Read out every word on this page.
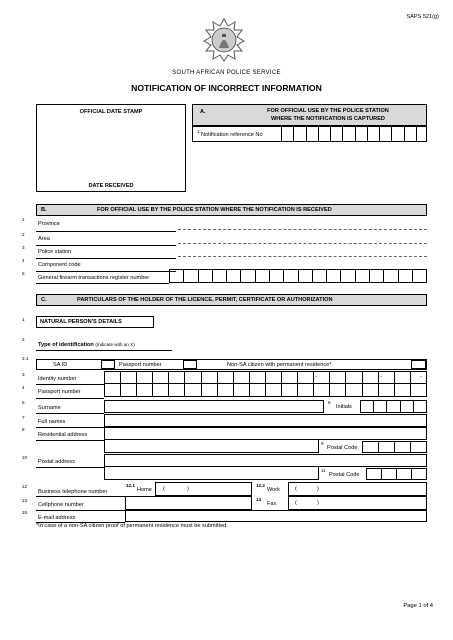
SAPS 521(g)
SOUTH AFRICAN POLICE SERVICE
NOTIFICATION OF INCORRECT INFORMATION
OFFICIAL DATE STAMP
DATE RECEIVED
A.	FOR OFFICIAL USE BY THE POLICE STATION
WHERE THE NOTIFICATION IS CAPTURED
1
Notification reference No
B.	FOR OFFICIAL USE BY THE POLICE STATION WHERE THE NOTIFICATION IS RECEIVED
1
Province
2
Area
3
Police station
4
Component code
5
General firearm transactions register number
C.	PARTICULARS OF THE HOLDER OF THE LICENCE, PERMIT, CERTIFICATE OR AUTHORIZATION
1	NATURAL PERSON'S DETAILS
2
Type of identification (Indicate with an X)
2.1
SA ID	Passport number	Non-SA citizen with permanent residence*
3
Identity number	-	-	-
4
Passport number
5
Surname
6
Initials
7
Full names
8
Residential address
9
Postal Code
10
Postal address
11
Postal Code
12
Business telephone number
12.1
Home (	)
12.2
Work	(	)
13
Cellphone number
14
Fax	(	)
15
E-mail address
*In case of a non-SA citizen proof of permanent residence must be submitted.
Page 1 of 4
